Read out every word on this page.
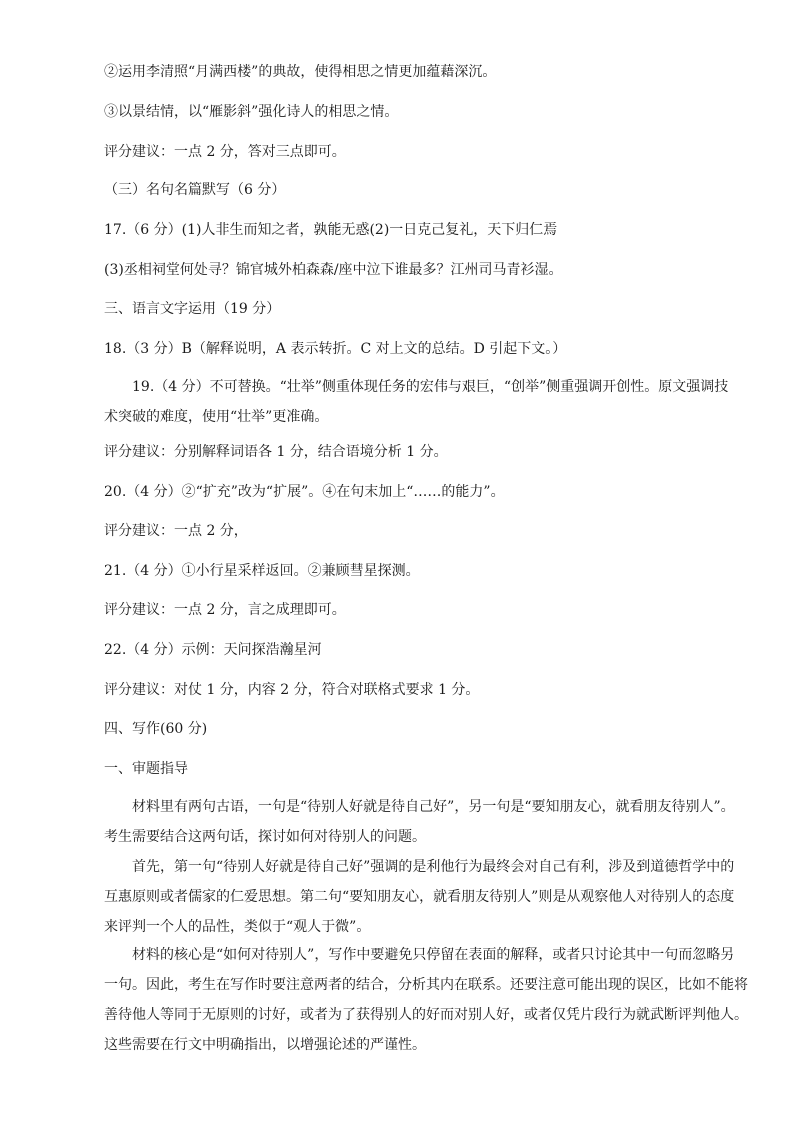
②运用李清照“月满西楼”的典故，使得相思之情更加蕴藉深沉。
③以景结情，以“雁影斜”强化诗人的相思之情。
评分建议：一点 2 分，答对三点即可。
（三）名句名篇默写（6 分）
17.（6 分）(1)人非生而知之者，孰能无惑(2)一日克己复礼，天下归仁焉
(3)丞相祠堂何处寻？锦官城外柏森森/座中泣下谁最多？江州司马青衫湿。
三、语言文字运用（19 分）
18.（3 分）B（解释说明，A 表示转折。C 对上文的总结。D 引起下文。）
19.（4 分）不可替换。“壮举”侧重体现任务的宏伟与艰巨，“创举”侧重强调开创性。原文强调技
术突破的难度，使用“壮举”更准确。
评分建议：分别解释词语各 1 分，结合语境分析 1 分。
20.（4 分）②“扩充”改为“扩展”。④在句末加上“……的能力”。
评分建议：一点 2 分，
21.（4 分）①小行星采样返回。②兼顾彗星探测。
评分建议：一点 2 分，言之成理即可。
22.（4 分）示例：天问探浩瀚星河
评分建议：对仗 1 分，内容 2 分，符合对联格式要求 1 分。
四、写作(60 分)
一、审题指导
材料里有两句古语，一句是“待别人好就是待自己好”，另一句是“要知朋友心，就看朋友待别人”。
考生需要结合这两句话，探讨如何对待别人的问题。
首先，第一句“待别人好就是待自己好”强调的是利他行为最终会对自己有利，涉及到道德哲学中的
互惠原则或者儒家的仁爱思想。第二句“要知朋友心，就看朋友待别人”则是从观察他人对待别人的态度
来评判一个人的品性，类似于“观人于微”。
材料的核心是“如何对待别人”，写作中要避免只停留在表面的解释，或者只讨论其中一句而忽略另
一句。因此，考生在写作时要注意两者的结合，分析其内在联系。还要注意可能出现的误区，比如不能将
善待他人等同于无原则的讨好，或者为了获得别人的好而对别人好，或者仅凭片段行为就武断评判他人。
这些需要在行文中明确指出，以增强论述的严谨性。
